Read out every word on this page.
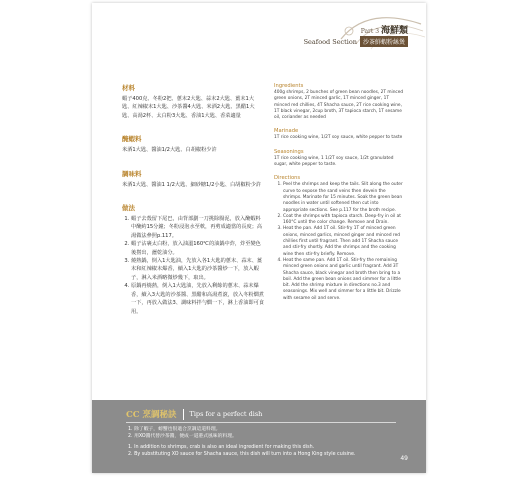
Part 3 海鮮類
Seafood Section	沙茶鮮蝦粉絲煲

材料

蝦子400克、冬粉2把、蔥末2大匙、蒜末2大匙、薑末1大匙、紅辣椒末1大匙、沙茶醬4大匙、米酒2大匙、黑醋1大匙、高湯2杯、太白粉3大匙、香油1大匙、香菜適量

醃蝦料

米酒1大匙、醬油1/2大匙、白胡椒粉少許

調味料

米酒1大匙、醬油1 1/2大匙、細砂糖1/2小匙、白胡椒粉少許

做法

1. 蝦子去殼留下尾巴，由背部劃一刀挑除腸泥，放入醃蝦料中醃約15分鐘；冬粉浸泡水至軟，再剪成適當的長度；高湯做法參照p.117。
2. 蝦子沾裹太白粉，放入油溫160℃的油鍋中炸，炸至變色後撈出，瀝乾油分。
3. 燒熱鍋，倒入1大匙油，先放入各1大匙的蔥末、蒜末、薑末和紅辣椒末爆香，續入1大匙的沙茶醬炒一下，放入蝦子，淋入米酒略微炒幾下，取出。
4. 原鍋再燒熱，倒入1大匙油，先放入剩餘的蔥末、蒜末爆香，續入3大匙的沙茶醬、黑醋和高湯煮滾，放入冬粉燜煮一下，再放入做法3、調味料拌勻燜一下，淋上香油即可食用。

Ingredients

400g shrimps, 2 bunches of green bean noodles, 2T minced green onions, 2T minced garlic, 1T minced ginger, 1T minced red chillies, 4T Shacha sauce, 2T rice cooking wine, 1T black vinegar, 2cup broth, 3T tapioca starch, 1T sesame oil, coriander as needed

Marinade

1T rice cooking wine, 1/2T soy sauce, white pepper to taste

Seasonings

1T rice cooking wine, 1 1/2T soy sauce, 1/2t granulated sugar, white pepper to taste.

Directions

1. Peel the shrimps and keep the tails. Slit along the outer curve to expose the sand veins then devein the shrimps. Marinate for 15 minutes. Soak the green bean noodles in water until softened then cut into appropriate sections. See p.117 for the broth recipe.
2. Coat the shrimps with tapioca starch. Deep-fry in oil at 160°C until the color change. Remove and Drain.
3. Heat the pan. Add 1T oil. Stir-fry 1T of minced green onions, minced garlics, minced ginger and minced red chillies first until fragrant. Then add 1T Shacha sauce and stir-fry shortly. Add the shrimps and the cooking wine then stir-fry briefly. Remove.
4. Heat the same pan. Add 1T oil. Stir-fry the remaining minced green onions and garlic until fragrant. Add 3T Shacha sauce, black vinegar and broth then bring to a boil. Add the green bean onions and simmer for a little bit. Add the shrimp mixture in directions no.3 and seasonings. Mix well and simmer for a little bit. Drizzle with sesame oil and serve.
CC 烹調秘訣 Tips for a perfect dish

1. 除了蝦子，螃蟹也很適合烹調這道料理。

2. 用XO醬代替沙茶醬，便成一道港式風味的料理。

1. In addition to shrimps, crab is also an ideal ingredient for making this dish.

2. By substituting XO sauce for Shacha sauce, this dish will turn into a Hong King style cuisine.

49
